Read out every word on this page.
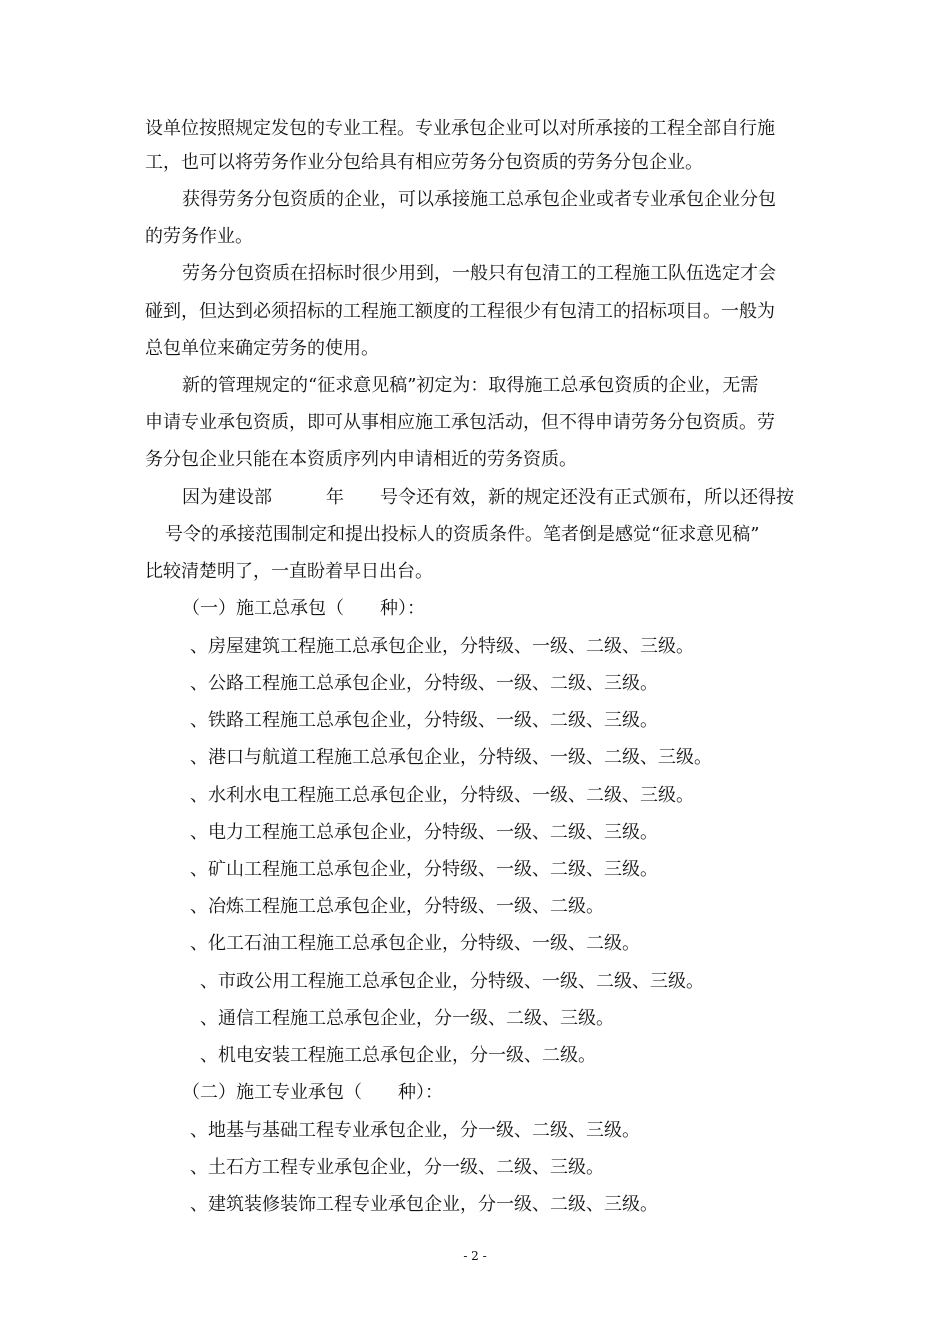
设单位按照规定发包的专业工程。专业承包企业可以对所承接的工程全部自行施
工，也可以将劳务作业分包给具有相应劳务分包资质的劳务分包企业。
获得劳务分包资质的企业，可以承接施工总承包企业或者专业承包企业分包
的劳务作业。
劳务分包资质在招标时很少用到，一般只有包清工的工程施工队伍选定才会
碰到，但达到必须招标的工程施工额度的工程很少有包清工的招标项目。一般为
总包单位来确定劳务的使用。
新的管理规定的“征求意见稿”初定为：取得施工总承包资质的企业，无需
申请专业承包资质，即可从事相应施工承包活动，但不得申请劳务分包资质。劳
务分包企业只能在本资质序列内申请相近的劳务资质。
因为建设部　　　年　　号令还有效，新的规定还没有正式颁布，所以还得按
号令的承接范围制定和提出投标人的资质条件。笔者倒是感觉“征求意见稿”
比较清楚明了，一直盼着早日出台。
（一）施工总承包（　　种）：
、房屋建筑工程施工总承包企业，分特级、一级、二级、三级。
、公路工程施工总承包企业，分特级、一级、二级、三级。
、铁路工程施工总承包企业，分特级、一级、二级、三级。
、港口与航道工程施工总承包企业，分特级、一级、二级、三级。
、水利水电工程施工总承包企业，分特级、一级、二级、三级。
、电力工程施工总承包企业，分特级、一级、二级、三级。
、矿山工程施工总承包企业，分特级、一级、二级、三级。
、冶炼工程施工总承包企业，分特级、一级、二级。
、化工石油工程施工总承包企业，分特级、一级、二级。
、市政公用工程施工总承包企业，分特级、一级、二级、三级。
、通信工程施工总承包企业，分一级、二级、三级。
、机电安装工程施工总承包企业，分一级、二级。
（二）施工专业承包（　　种）：
、地基与基础工程专业承包企业，分一级、二级、三级。
、土石方工程专业承包企业，分一级、二级、三级。
、建筑装修装饰工程专业承包企业，分一级、二级、三级。
- 2 -
